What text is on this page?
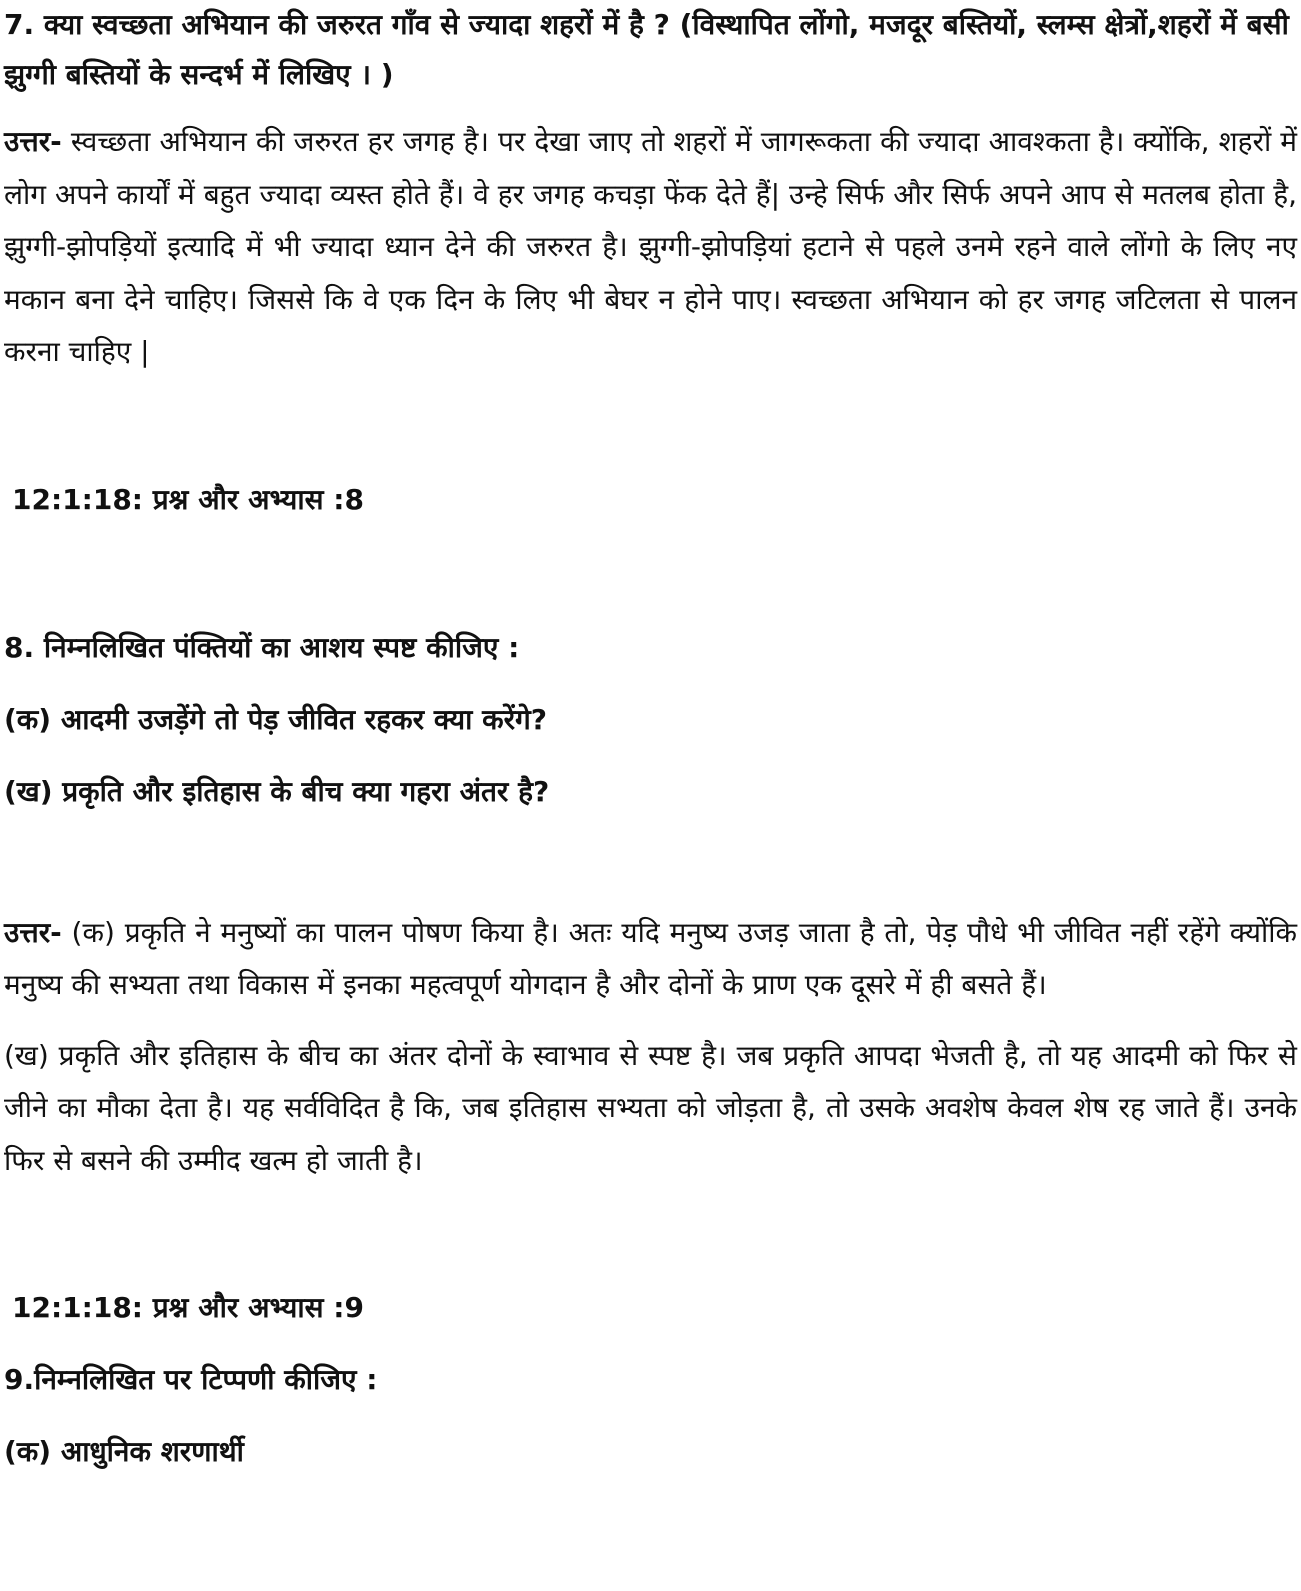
7. क्या स्वच्छता अभियान की जरुरत गाँव से ज्यादा शहरों में है ? (विस्थापित लोंगो, मजदूर बस्तियों, स्लम्स क्षेत्रों,शहरों में बसी झुग्गी बस्तियों के सन्दर्भ में लिखिए । )

उत्तर- स्वच्छता अभियान की जरुरत हर जगह है। पर देखा जाए तो शहरों में जागरूकता की ज्यादा आवश्कता है। क्योंकि, शहरों में लोग अपने कार्यों में बहुत ज्यादा व्यस्त होते हैं। वे हर जगह कचड़ा फेंक देते हैं| उन्हे सिर्फ और सिर्फ अपने आप से मतलब होता है, झुग्गी-झोपड़ियों इत्यादि में भी ज्यादा ध्यान देने की जरुरत है। झुग्गी-झोपड़ियां हटाने से पहले उनमे रहने वाले लोंगो के लिए नए मकान बना देने चाहिए। जिससे कि वे एक दिन के लिए भी बेघर न होने पाए। स्वच्छता अभियान को हर जगह जटिलता से पालन करना चाहिए |

12:1:18: प्रश्न और अभ्यास :8

8. निम्नलिखित पंक्तियों का आशय स्पष्ट कीजिए :

(क) आदमी उजड़ेंगे तो पेड़ जीवित रहकर क्या करेंगे?

(ख) प्रकृति और इतिहास के बीच क्या गहरा अंतर है?

उत्तर- (क) प्रकृति ने मनुष्यों का पालन पोषण किया है। अतः यदि मनुष्य उजड़ जाता है तो, पेड़ पौधे भी जीवित नहीं रहेंगे क्योंकि मनुष्य की सभ्यता तथा विकास में इनका महत्वपूर्ण योगदान है और दोनों के प्राण एक दूसरे में ही बसते हैं।

(ख) प्रकृति और इतिहास के बीच का अंतर दोनों के स्वाभाव से स्पष्ट है। जब प्रकृति आपदा भेजती है, तो यह आदमी को फिर से जीने का मौका देता है। यह सर्वविदित है कि, जब इतिहास सभ्यता को जोड़ता है, तो उसके अवशेष केवल शेष रह जाते हैं। उनके फिर से बसने की उम्मीद खत्म हो जाती है।

12:1:18: प्रश्न और अभ्यास :9

9.निम्नलिखित पर टिप्पणी कीजिए :

(क) आधुनिक शरणार्थी
